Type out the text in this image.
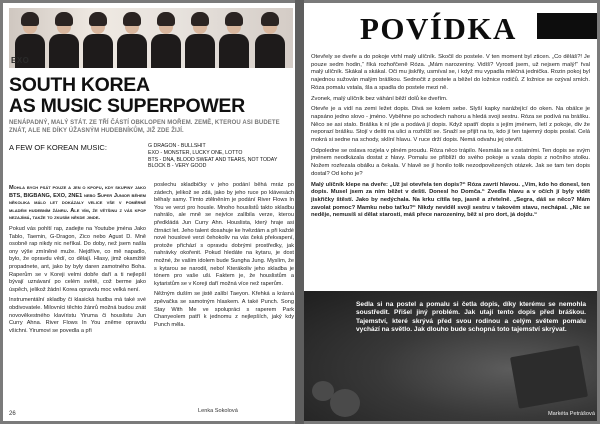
EXO
SOUTH KOREA
AS MUSIC SUPERPOWER
NENÁPADNÝ, MALÝ STÁT. ZE TŘÍ ČÁSTÍ OBKLOPEN MOŘEM. ZEMĚ, KTEROU ASI BUDETE ZNÁT, ALE NE DÍKY ÚŽASNÝM HUDEBNÍKŮM, JIŽ ZDE ŽIJÍ.
A FEW OF KOREAN MUSIC:	G DRAGON - BULLSHIT
EXO - MONSTER, LUCKY ONE, LOTTO
BTS - DNA, BLOOD SWEAT AND TEARS, NOT TODAY
BLOCK B - VERY GOOD

Mohla bych psát pouze a jen o kpopu, kdy skupiny jako BTS, BIGBANG, EXO, 2NE1 nebo Super Junior během několika málo let dokázaly velice vše v poměrně mladém hudebním žánru. Ale vím, že většinu z vás kpop nezajímá, takže to zkusím někde jinde.

Pokud vás pohltí rap, zadejte na Youtube jména Jako Tablo, Taemin, G-Dragon, Zico nebo Agust D. Mně osobně rap nikdy nic neříkal. Do doby, než jsem našla ony výše zmíněné muže. Nejdříve, co mě napadlo, bylo, že opravdu vědí, co dělají. Hlasy, jimž okamžitě propadnete, ant, jako by byly daren zamotného Boha. Raperům se v Koreji velmi dobře daří a ti nejlepší bývají uznávaní po celém světě, což berme jako úspěch, jelikož žádní Korea opravdu moc velká není.

Instrumentální skladby či klasická hudba má také své obdivovatele. Milovníci těchto žánrů možná budou znát novověkestného klavíristu Yiruma či houslistu Jun Curry Ahna. River Flows In You zněme opravdu všichni. Yirumovi se povedla a při

poslechu skladbičky v jeho podání běhá mráz po zádech, jelikož se zdá, jako by jeho ruce po klávesách běhaly samy. Tímto ztělněním je podání River Flows In You ve verzi pro housle. Mnoho houslistů takto skladbu nahrálo, ale mně se nejvíce zalíbila verze, kterou předkládá Jun Curry Ahn. Houslista, který hraje asi čtrnáct let. Jeho talent dosahuje ke hvězdám a při každé nové houslové verzi čehokoliv na vás čeká překvapení, protože přichází s opravdu dobrými prostředky, jak nahrávky okořenit. Pokud hledáte na kytaru, je dost možné, že vašim idolem bude Sungha Jung. Myslím, že s kytarou se narodil, nebo! Kterákoliv jeho skladba je tónem pro vaše uši. Faktem je, že houslistům a kytaristům se v Koreji daří možná více než raperům.

Něžným duším se jistě zalíbí Taeyon. Křehká a krásná zpěvačka se samotným hlaskem. A také Punch. Song Stay With Me ve spolupráci s raperem Park Chanyeolem patří k jednomu z nejlepších, jaký kdy Punch měla.

Lenka Sokolová
26
POVÍDKA

Otevřely se dveře a do pokoje vtrhl malý ulíčník. Skočil do postele. V ten moment byl zticen. „Co děláš?! Je pouze sedm hodin,“ říká rozhořčeně Róza. „Mám narozeniny. Vidíš? Vyrostl jsem, už nejsem malý!“ řval malý ulíčník. Skákal a skákal. Oči mu jiskřily, usmíval se, i když mu vypadla mléčná jednička. Rozin pokoj byl najednou sužován malým bráškou. Sednočit z postele a běžel do ložnice rodičů. Z ložnice se ozýval smích. Róza pomalu vstala, šla a spadla do postele mezi ně.

Zvonek, malý ulíčník bez váhání běží dolů ke dveřím.

Otevře je a vidí na zemi ležet dopis. Divá se kolem sebe. Slyší kapky narážející do oken. Na obálce je napsáno jedno slovo - jméno. Vyběhne po schodech nahoru a hledá svoji sestru. Róza se podívá na brášku. Něco se asi stalo. Bráška k ní jde a podává jí dopis. Když spatří dopis s jejím jménem, letí z pokoje, div že neporazí brášku. Stojí v dešti na ulici a rozhlíží se. Snaží se přijít na to, kdo jí ten tajemný dopis poslal. Celá mokrá si sedne na schody, sklíní hlavu. V ruce drží dopis. Nemá odvahu jej otevřít.

Odpoledne se oslava rozjela v plném proudu. Róza něco trápilo. Nesmála se s ostatními. Ten dopis se svým jménem neodkázala dostat z hlavy. Pomalu se přiblíží do svého pokoje a vzala dopis z nočního stolku. Nožem rozřezala obálku a čekala. V hlavě se jí honilo tolik nezodpovězených otázek. Jak se tam ten dopis dostal? Od koho je?

Malý ulíčník klepe na dveře: „Už jsi otevřela ten dopis?“ Róza zavrtí hlavou. „Vím, kdo ho donesl, ten dopis. Musel jsem za ním běžet v dešti. Donesl ho Domča.“ Zvedla hlavu a v očích jí byly vidět jiskřičky štěstí. Jako by nedýchala. Na krku cítila tep, jasně a zřetelně. „Segra, dáš se něco? Mám zavolat pomoc? Mamku nebo taťku?“ Nikdy neviděl svoji sestru v takovém stavu, nechápal. „Nic se neděje, nemusíš si dělat starosti, máš přece narozeniny, běž si pro dort, já dojdu.“

Sedla si na postel a pomalu si četla dopis, díky kterému se nemohla soustředit. Přišel jiný problém. Jak utají tento dopis před bráškou. Tajemství, které skrývá před svou rodinou a celým světem pomalu vychází na světlo. Jak dlouho bude schopná toto tajemství skrývat.
Markéta Petrášová
